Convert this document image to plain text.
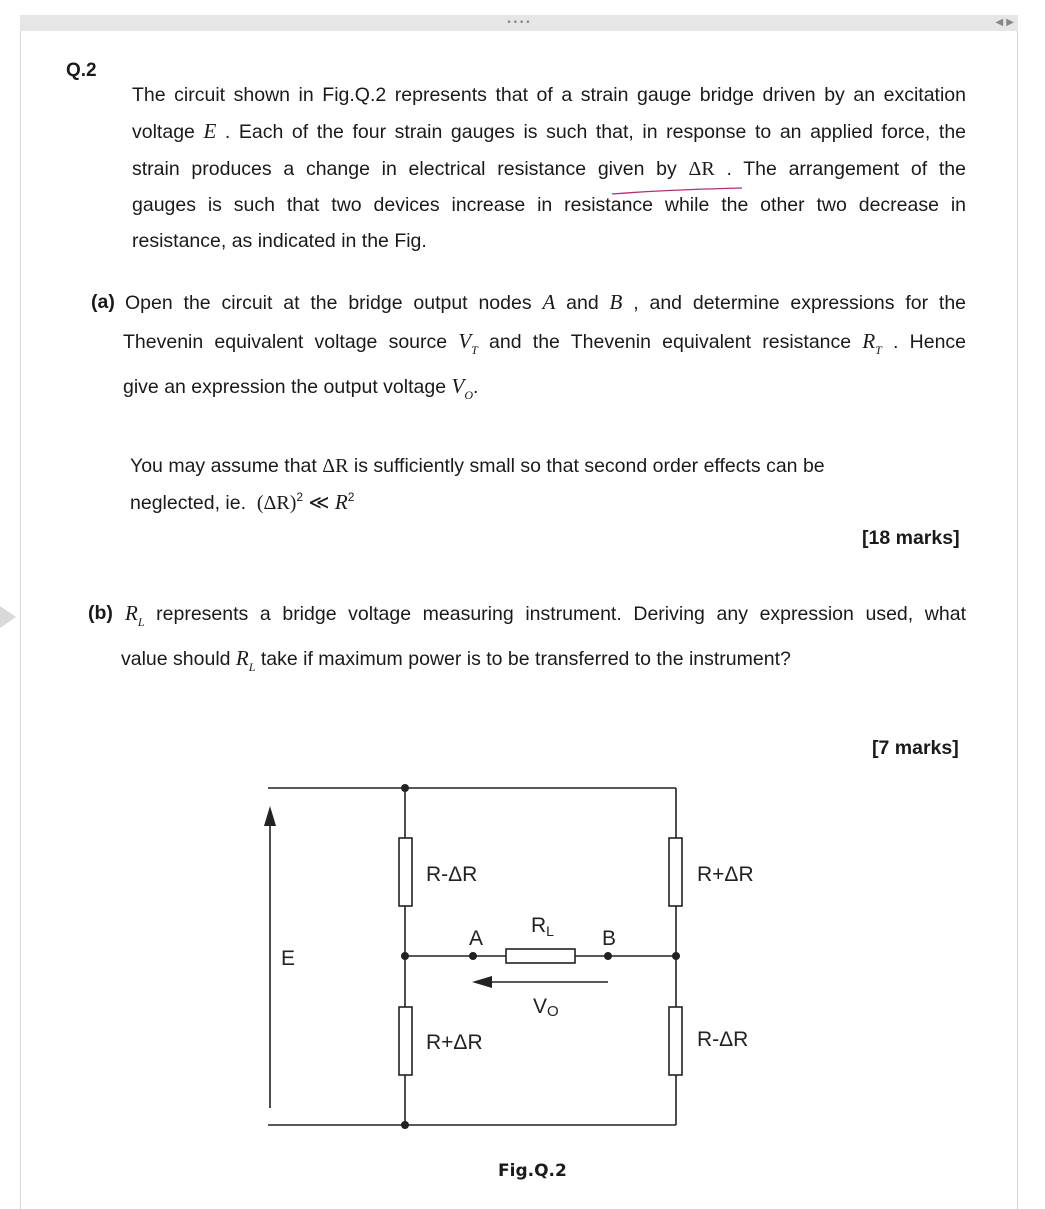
••••	◀ ▶
Q.2
The circuit shown in Fig.Q.2 represents that of a strain gauge bridge driven by an excitation
voltage E . Each of the four strain gauges is such that, in response to an applied force, the
strain produces a change in electrical resistance given by ΔR . The arrangement of the
gauges is such that two devices increase in resistance while the other two decrease in
resistance, as indicated in the Fig.
(a) Open the circuit at the bridge output nodes A and B , and determine expressions for the
Thevenin equivalent voltage source $V_T$ and the Thevenin equivalent resistance $R_T$ . Hence
give an expression the output voltage $V_O$.
You may assume that ΔR is sufficiently small so that second order effects can be
neglected, ie. $(\Delta R)^2$ ≪ $R^2$
[18 marks]
(b) $R_L$ represents a bridge voltage measuring instrument. Deriving any expression used, what
value should $R_L$ take if maximum power is to be transferred to the instrument?
[7 marks]
E
R-ΔR	R+ΔR
R+ΔR	R-ΔR
A	B
RL
VO
Fig.Q.2
